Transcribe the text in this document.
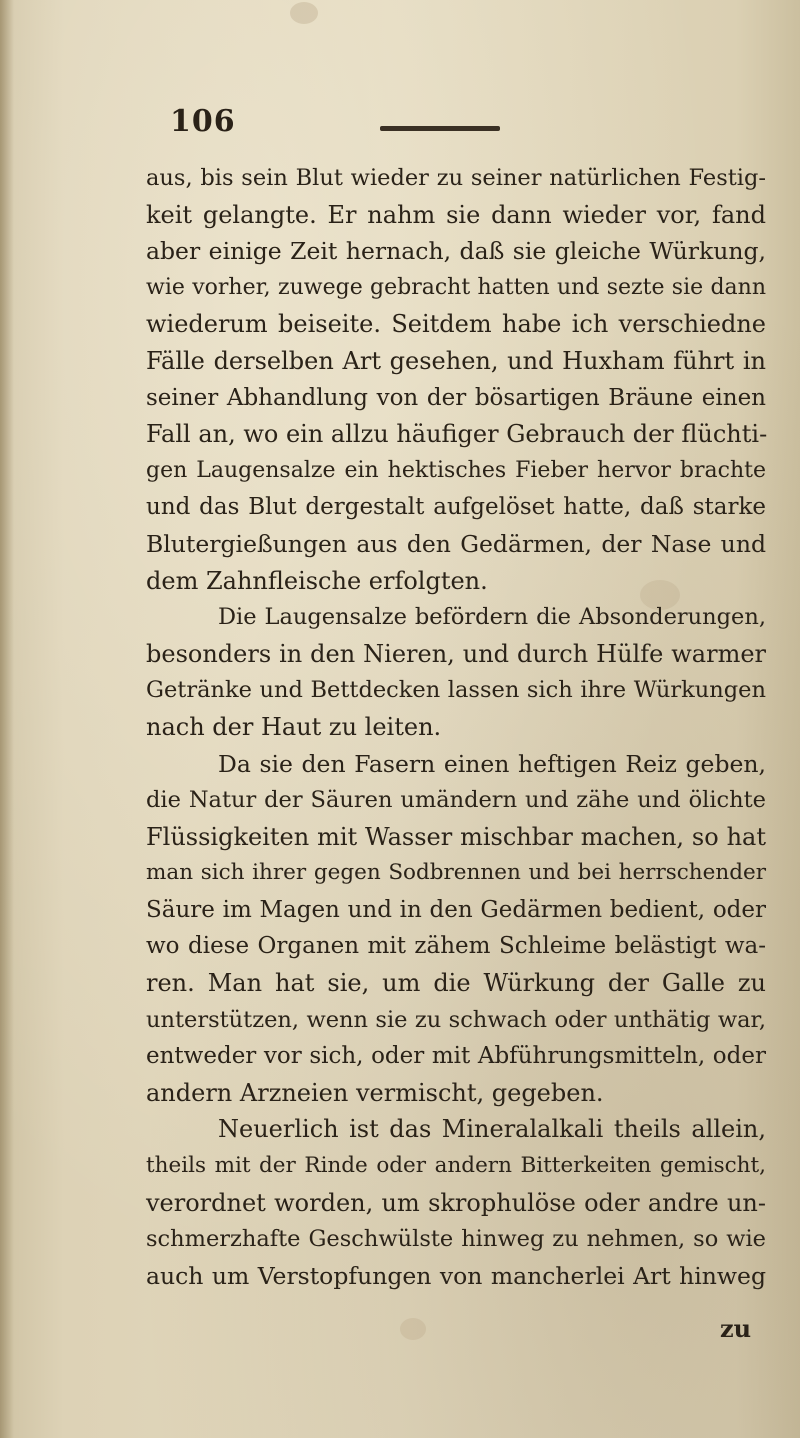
106
aus, bis sein Blut wieder zu seiner natürlichen Festig-
keit gelangte. Er nahm sie dann wieder vor, fand
aber einige Zeit hernach, daß sie gleiche Würkung,
wie vorher, zuwege gebracht hatten und sezte sie dann
wiederum beiseite. Seitdem habe ich verschiedne
Fälle derselben Art gesehen, und Huxham führt in
seiner Abhandlung von der bösartigen Bräune einen
Fall an, wo ein allzu häufiger Gebrauch der flüchti-
gen Laugensalze ein hektisches Fieber hervor brachte
und das Blut dergestalt aufgelöset hatte, daß starke
Blutergießungen aus den Gedärmen, der Nase und
dem Zahnfleische erfolgten.
Die Laugensalze befördern die Absonderungen,
besonders in den Nieren, und durch Hülfe warmer
Getränke und Bettdecken lassen sich ihre Würkungen
nach der Haut zu leiten.
Da sie den Fasern einen heftigen Reiz geben,
die Natur der Säuren umändern und zähe und ölichte
Flüssigkeiten mit Wasser mischbar machen, so hat
man sich ihrer gegen Sodbrennen und bei herrschender
Säure im Magen und in den Gedärmen bedient, oder
wo diese Organen mit zähem Schleime belästigt wa-
ren. Man hat sie, um die Würkung der Galle zu
unterstützen, wenn sie zu schwach oder unthätig war,
entweder vor sich, oder mit Abführungsmitteln, oder
andern Arzneien vermischt, gegeben.
Neuerlich ist das Mineralalkali theils allein,
theils mit der Rinde oder andern Bitterkeiten gemischt,
verordnet worden, um skrophulöse oder andre un-
schmerzhafte Geschwülste hinweg zu nehmen, so wie
auch um Verstopfungen von mancherlei Art hinweg
zu
